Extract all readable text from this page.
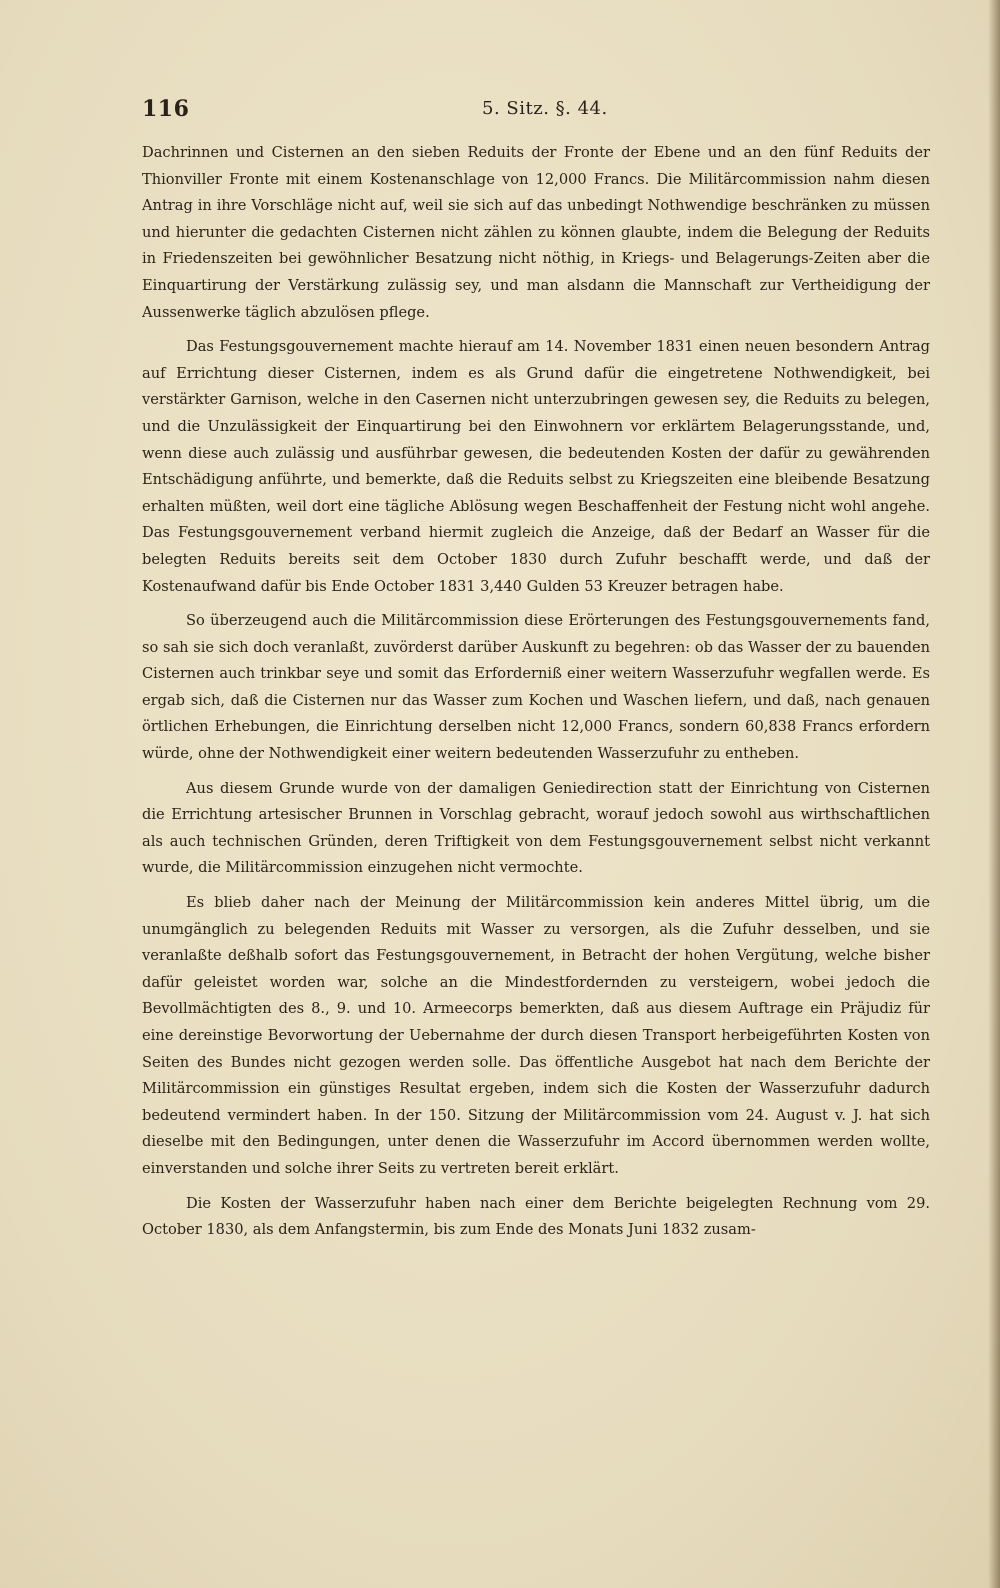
116	5. Sitz. §. 44.

Dachrinnen und Cisternen an den sieben Reduits der Fronte der Ebene und an den fünf Reduits der Thionviller Fronte mit einem Kostenanschlage von 12,000 Francs. Die Militärcommission nahm diesen Antrag in ihre Vorschläge nicht auf, weil sie sich auf das unbedingt Nothwendige beschränken zu müssen und hierunter die gedachten Cisternen nicht zählen zu können glaubte, indem die Belegung der Reduits in Friedenszeiten bei gewöhnlicher Besatzung nicht nöthig, in Kriegs- und Belagerungs-Zeiten aber die Einquartirung der Verstärkung zulässig sey, und man alsdann die Mannschaft zur Vertheidigung der Aussenwerke täglich abzulösen pflege.

Das Festungsgouvernement machte hierauf am 14. November 1831 einen neuen besondern Antrag auf Errichtung dieser Cisternen, indem es als Grund dafür die eingetretene Nothwendigkeit, bei verstärkter Garnison, welche in den Casernen nicht unterzubringen gewesen sey, die Reduits zu belegen, und die Unzulässigkeit der Einquartirung bei den Einwohnern vor erklärtem Belagerungsstande, und, wenn diese auch zulässig und ausführbar gewesen, die bedeutenden Kosten der dafür zu gewährenden Entschädigung anführte, und bemerkte, daß die Reduits selbst zu Kriegszeiten eine bleibende Besatzung erhalten müßten, weil dort eine tägliche Ablösung wegen Beschaffenheit der Festung nicht wohl angehe. Das Festungsgouvernement verband hiermit zugleich die Anzeige, daß der Bedarf an Wasser für die belegten Reduits bereits seit dem October 1830 durch Zufuhr beschafft werde, und daß der Kostenaufwand dafür bis Ende October 1831 3,440 Gulden 53 Kreuzer betragen habe.

So überzeugend auch die Militärcommission diese Erörterungen des Festungsgouvernements fand, so sah sie sich doch veranlaßt, zuvörderst darüber Auskunft zu begehren: ob das Wasser der zu bauenden Cisternen auch trinkbar seye und somit das Erforderniß einer weitern Wasserzufuhr wegfallen werde. Es ergab sich, daß die Cisternen nur das Wasser zum Kochen und Waschen liefern, und daß, nach genauen örtlichen Erhebungen, die Einrichtung derselben nicht 12,000 Francs, sondern 60,838 Francs erfordern würde, ohne der Nothwendigkeit einer weitern bedeutenden Wasserzufuhr zu entheben.

Aus diesem Grunde wurde von der damaligen Geniedirection statt der Einrichtung von Cisternen die Errichtung artesischer Brunnen in Vorschlag gebracht, worauf jedoch sowohl aus wirthschaftlichen als auch technischen Gründen, deren Triftigkeit von dem Festungsgouvernement selbst nicht verkannt wurde, die Militärcommission einzugehen nicht vermochte.

Es blieb daher nach der Meinung der Militärcommission kein anderes Mittel übrig, um die unumgänglich zu belegenden Reduits mit Wasser zu versorgen, als die Zufuhr desselben, und sie veranlaßte deßhalb sofort das Festungsgouvernement, in Betracht der hohen Vergütung, welche bisher dafür geleistet worden war, solche an die Mindestfordernden zu versteigern, wobei jedoch die Bevollmächtigten des 8., 9. und 10. Armeecorps bemerkten, daß aus diesem Auftrage ein Präjudiz für eine dereinstige Bevorwortung der Uebernahme der durch diesen Transport herbeigeführten Kosten von Seiten des Bundes nicht gezogen werden solle. Das öffentliche Ausgebot hat nach dem Berichte der Militärcommission ein günstiges Resultat ergeben, indem sich die Kosten der Wasserzufuhr dadurch bedeutend vermindert haben. In der 150. Sitzung der Militärcommission vom 24. August v. J. hat sich dieselbe mit den Bedingungen, unter denen die Wasserzufuhr im Accord übernommen werden wollte, einverstanden und solche ihrer Seits zu vertreten bereit erklärt.

Die Kosten der Wasserzufuhr haben nach einer dem Berichte beigelegten Rechnung vom 29. October 1830, als dem Anfangstermin, bis zum Ende des Monats Juni 1832 zusam-
